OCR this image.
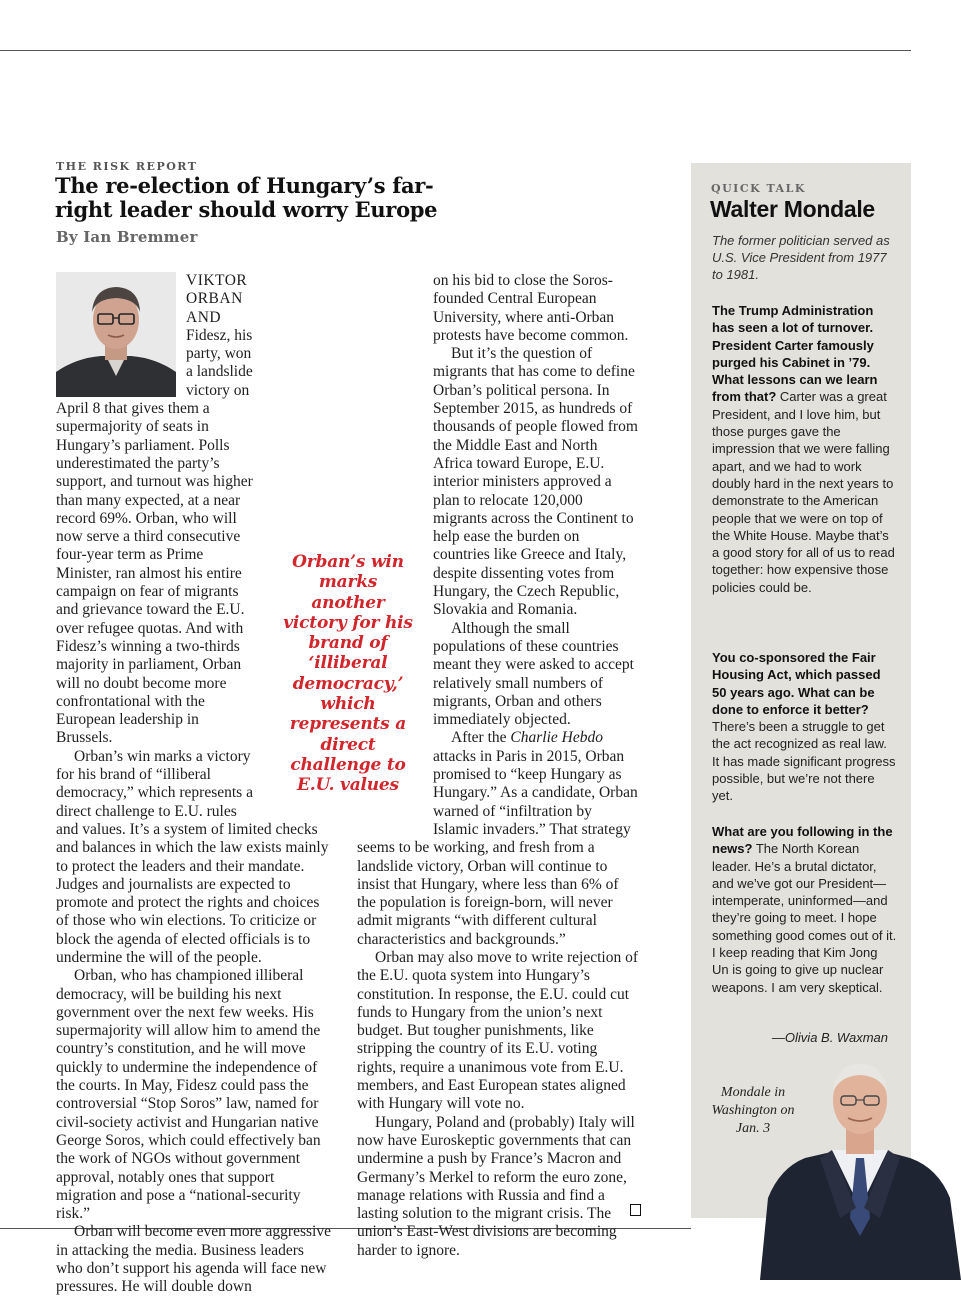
THE RISK REPORT
The re-election of Hungary’s far-right leader should worry Europe
By Ian Bremmer

VIKTOR ORBAN AND Fidesz, his party, won a landslide victory on April 8 that gives them a supermajority of seats in Hungary’s parliament. Polls underestimated the party’s support, and turnout was higher than many expected, at a near record 69%. Orban, who will now serve a third consecutive four-year term as Prime Minister, ran almost his entire campaign on fear of migrants and grievance toward the E.U. over refugee quotas. And with Fidesz’s winning a two-thirds majority in parliament, Orban will no doubt become more confrontational with the European leadership in Brussels.

Orban’s win marks a victory for his brand of “illiberal democracy,” which represents a direct challenge to E.U. rules and values. It’s a system of limited checks and balances in which the law exists mainly to protect the leaders and their mandate. Judges and journalists are expected to promote and protect the rights and choices of those who win elections. To criticize or block the agenda of elected officials is to undermine the will of the people.

Orban, who has championed illiberal democracy, will be building his next government over the next few weeks. His supermajority will allow him to amend the country’s constitution, and he will move quickly to undermine the independence of the courts. In May, Fidesz could pass the controversial “Stop Soros” law, named for civil-society activist and Hungarian native George Soros, which could effectively ban the work of NGOs without government approval, notably ones that support migration and pose a “national-security risk.”

Orban will become even more aggressive in attacking the media. Business leaders who don’t support his agenda will face new pressures. He will double down

on his bid to close the Soros-founded Central European University, where anti-Orban protests have become common.

But it’s the question of migrants that has come to define Orban’s political persona. In September 2015, as hundreds of thousands of people flowed from the Middle East and North Africa toward Europe, E.U. interior ministers approved a plan to relocate 120,000 migrants across the Continent to help ease the burden on countries like Greece and Italy, despite dissenting votes from Hungary, the Czech Republic, Slovakia and Romania.

Although the small populations of these countries meant they were asked to accept relatively small numbers of migrants, Orban and others immediately objected.

After the Charlie Hebdo attacks in Paris in 2015, Orban promised to “keep Hungary as Hungary.” As a candidate, Orban warned of “infiltration by Islamic invaders.” That strategy seems to be working, and fresh from a landslide victory, Orban will continue to insist that Hungary, where less than 6% of the population is foreign-born, will never admit migrants “with different cultural characteristics and backgrounds.”

Orban may also move to write rejection of the E.U. quota system into Hungary’s constitution. In response, the E.U. could cut funds to Hungary from the union’s next budget. But tougher punishments, like stripping the country of its E.U. voting rights, require a unanimous vote from E.U. members, and East European states aligned with Hungary will vote no.

Hungary, Poland and (probably) Italy will now have Euroskeptic governments that can undermine a push by France’s Macron and Germany’s Merkel to reform the euro zone, manage relations with Russia and find a lasting solution to the migrant crisis. The union’s East-West divisions are becoming harder to ignore.

Orban’s win marks another victory for his brand of ‘illiberal democracy,’ which represents a direct challenge to E.U. values
QUICK TALK
Walter Mondale
The former politician served as U.S. Vice President from 1977 to 1981.
The Trump Administration has seen a lot of turnover. President Carter famously purged his Cabinet in ’79. What lessons can we learn from that? Carter was a great President, and I love him, but those purges gave the impression that we were falling apart, and we had to work doubly hard in the next years to demonstrate to the American people that we were on top of the White House. Maybe that’s a good story for all of us to read together: how expensive those policies could be.
You co-sponsored the Fair Housing Act, which passed 50 years ago. What can be done to enforce it better? There’s been a struggle to get the act recognized as real law. It has made significant progress possible, but we’re not there yet.
What are you following in the news? The North Korean leader. He’s a brutal dictator, and we’ve got our President—intemperate, uninformed—and they’re going to meet. I hope something good comes out of it. I keep reading that Kim Jong Un is going to give up nuclear weapons. I am very skeptical.
—Olivia B. Waxman
Mondale in Washington on Jan. 3
